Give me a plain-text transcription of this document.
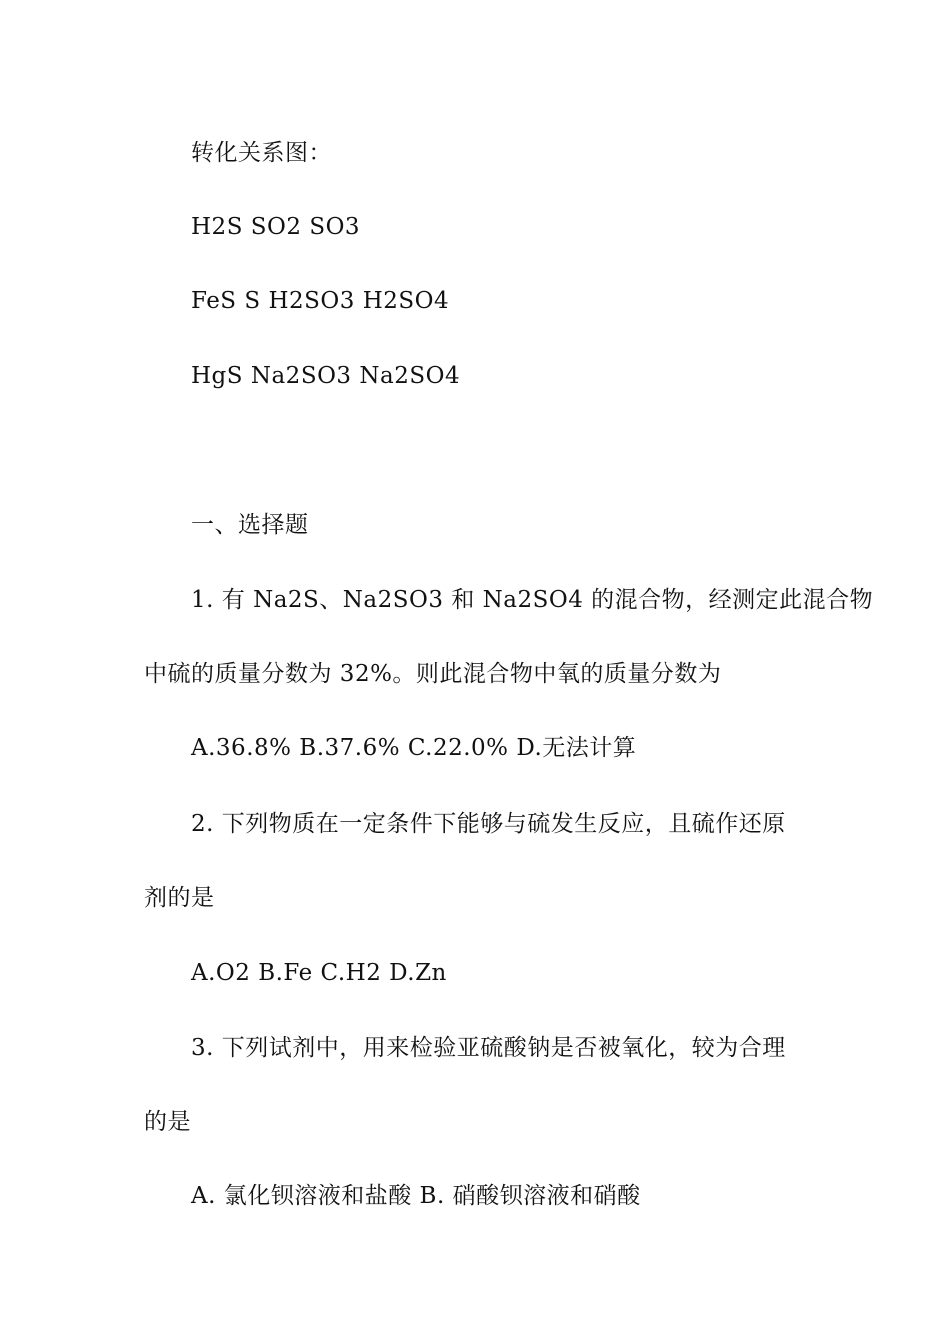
转化关系图：
H2S SO2 SO3
FeS S H2SO3 H2SO4
HgS Na2SO3 Na2SO4
一、选择题
1. 有 Na2S、Na2SO3 和 Na2SO4 的混合物，经测定此混合物
中硫的质量分数为 32%。则此混合物中氧的质量分数为
A.36.8% B.37.6% C.22.0% D.无法计算
2. 下列物质在一定条件下能够与硫发生反应，且硫作还原
剂的是
A.O2 B.Fe C.H2 D.Zn
3. 下列试剂中，用来检验亚硫酸钠是否被氧化，较为合理
的是
A. 氯化钡溶液和盐酸 B. 硝酸钡溶液和硝酸
